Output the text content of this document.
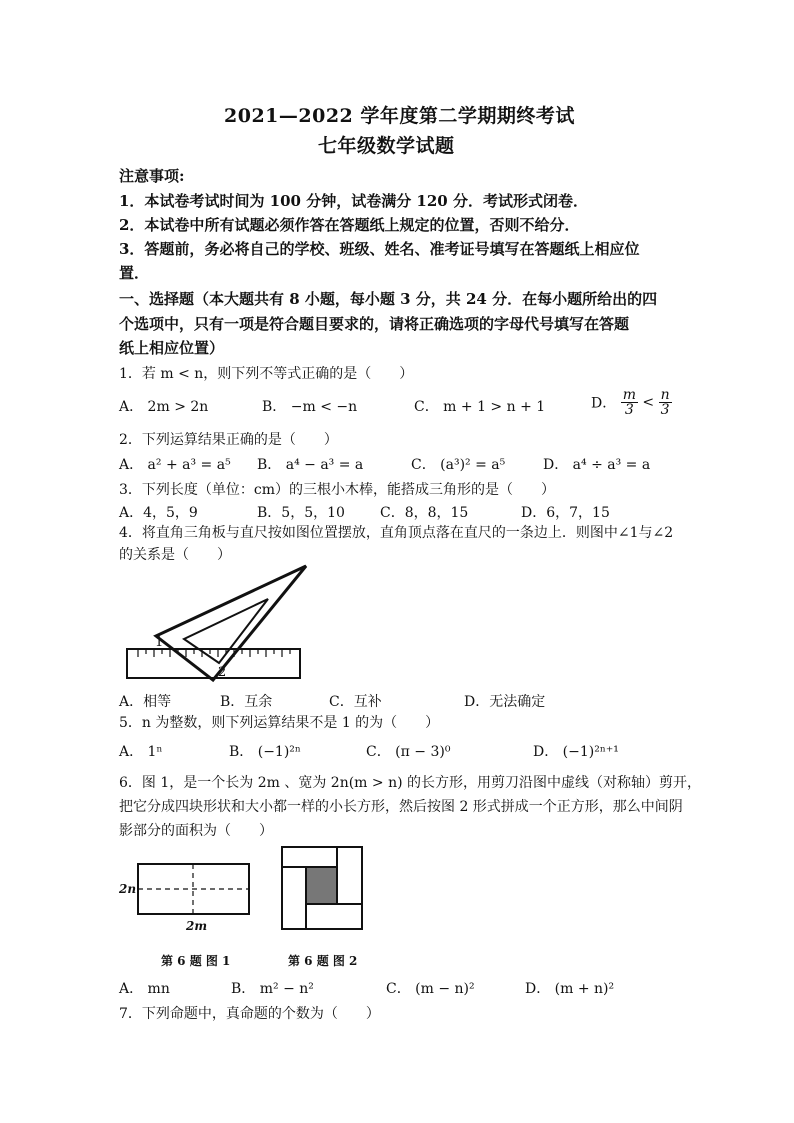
2021—2022 学年度第二学期期终考试
七年级数学试题
注意事项:
1．本试卷考试时间为 100 分钟，试卷满分 120 分．考试形式闭卷．
2．本试卷中所有试题必须作答在答题纸上规定的位置，否则不给分．
3．答题前，务必将自己的学校、班级、姓名、准考证号填写在答题纸上相应位
置．
一、选择题（本大题共有 8 小题，每小题 3 分，共 24 分．在每小题所给出的四
个选项中，只有一项是符合题目要求的，请将正确选项的字母代号填写在答题
纸上相应位置）
1．若 m < n，则下列不等式正确的是（　　）
A． 2m > 2n	B． −m < −n	C． m + 1 > n + 1	D． $\frac{m}{3} < \frac{n}{3}$
2．下列运算结果正确的是（　　）
A． a² + a³ = a⁵ B． a⁴ − a³ = a	C． (a³)² = a⁵	D． a⁴ ÷ a³ = a
3．下列长度（单位：cm）的三根小木棒，能搭成三角形的是（　　）
A．4，5，9	B．5，5，10	C．8，8，15	D．6，7，15
4．将直角三角板与直尺按如图位置摆放，直角顶点落在直尺的一条边上．则图中∠1与∠2
的关系是（　　）
1
2
A．相等	B．互余	C．互补	D．无法确定
5．n 为整数，则下列运算结果不是 1 的为（　　）
A． 1ⁿ	B． (−1)²ⁿ	C． (π − 3)⁰	D． (−1)²ⁿ⁺¹
6．图 1，是一个长为 2m 、宽为 2n(m > n) 的长方形，用剪刀沿图中虚线（对称轴）剪开，
把它分成四块形状和大小都一样的小长方形，然后按图 2 形式拼成一个正方形，那么中间阴
影部分的面积为（　　）
2n
2m
第 6 题 图 1	第 6 题 图 2
A． mn	B． m² − n²	C． (m − n)²	D． (m + n)²
7．下列命题中，真命题的个数为（　　）
